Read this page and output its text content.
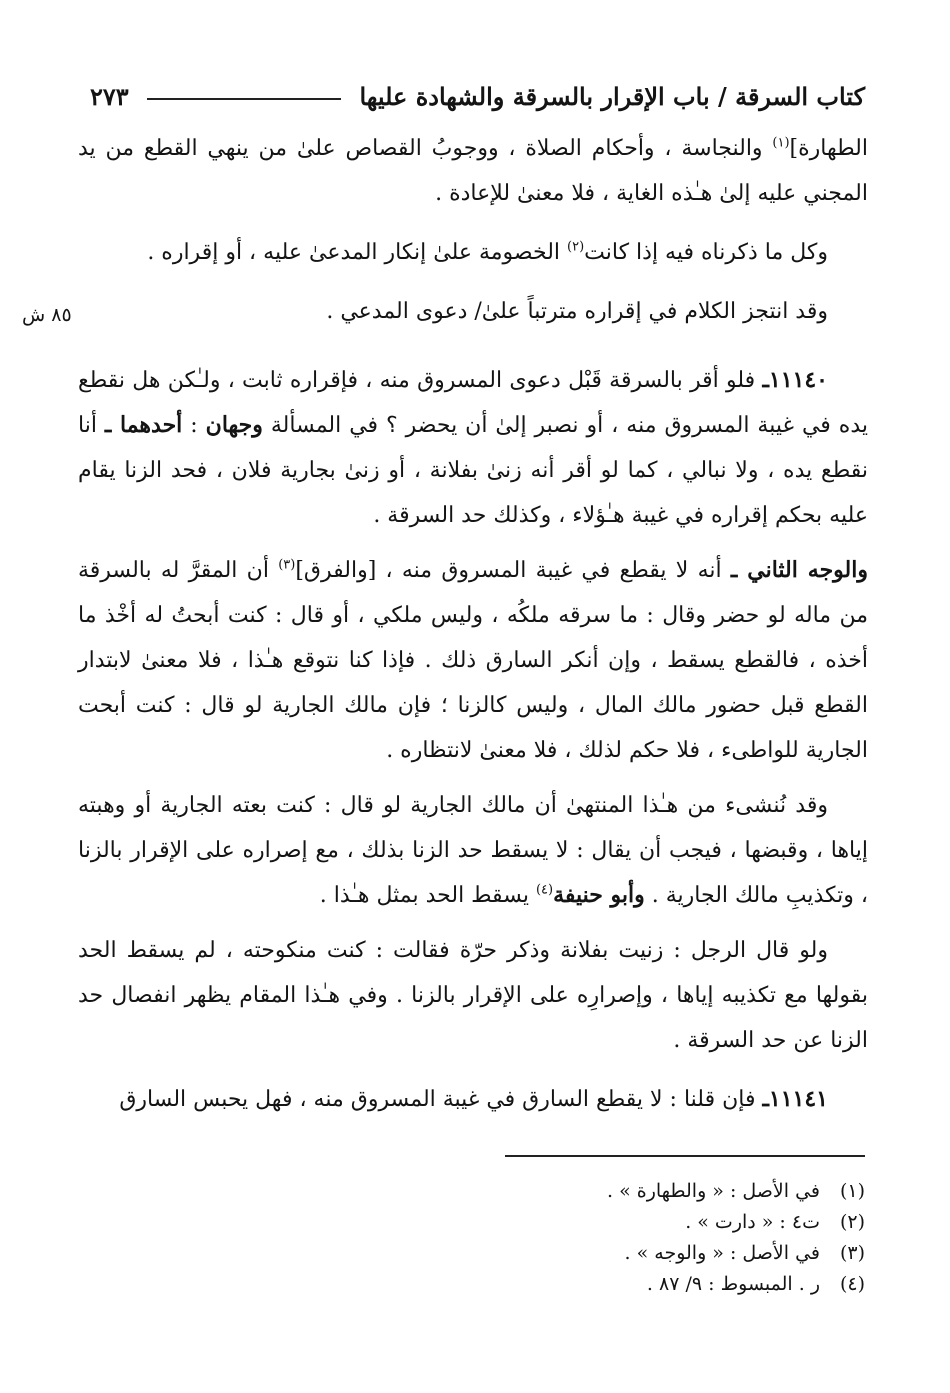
كتاب السرقة / باب الإقرار بالسرقة والشهادة عليها
٢٧٣
٨٥ ش

الطهارة]$^{(١)}$ والنجاسة ، وأحكام الصلاة ، ووجوبُ القصاص علىٰ من ينهي القطع من يد المجني عليه إلىٰ هـٰذه الغاية ، فلا معنىٰ للإعادة .

وكل ما ذكرناه فيه إذا كانت$^{(٢)}$ الخصومة علىٰ إنكار المدعىٰ عليه ، أو إقراره .

وقد انتجز الكلام في إقراره مترتباً علىٰ/ دعوى المدعي .

١١١٤٠ـ فلو أقر بالسرقة قَبْل دعوى المسروق منه ، فإقراره ثابت ، ولـٰكن هل نقطع يده في غيبة المسروق منه ، أو نصبر إلىٰ أن يحضر ؟ في المسألة وجهان : أحدهما ـ أنا نقطع يده ، ولا نبالي ، كما لو أقر أنه زنىٰ بفلانة ، أو زنىٰ بجارية فلان ، فحد الزنا يقام عليه بحكم إقراره في غيبة هـٰؤلاء ، وكذلك حد السرقة .

والوجه الثاني ـ أنه لا يقطع في غيبة المسروق منه ، [والفرق]$^{(٣)}$ أن المقرَّ له بالسرقة من ماله لو حضر وقال : ما سرقه ملكُه ، وليس ملكي ، أو قال : كنت أبحتُ له أخْذ ما أخذه ، فالقطع يسقط ، وإن أنكر السارق ذلك . فإذا كنا نتوقع هـٰذا ، فلا معنىٰ لابتدار القطع قبل حضور مالك المال ، وليس كالزنا ؛ فإن مالك الجارية لو قال : كنت أبحت الجارية للواطىء ، فلا حكم لذلك ، فلا معنىٰ لانتظاره .

وقد نُنشىء من هـٰذا المنتهىٰ أن مالك الجارية لو قال : كنت بعته الجارية أو وهبته إياها ، وقبضها ، فيجب أن يقال : لا يسقط حد الزنا بذلك ، مع إصراره على الإقرار بالزنا ، وتكذيبِ مالك الجارية . وأبو حنيفة$^{(٤)}$ يسقط الحد بمثل هـٰذا .

ولو قال الرجل : زنيت بفلانة وذكر حرّة فقالت : كنت منكوحته ، لم يسقط الحد بقولها مع تكذيبه إياها ، وإصرارِه على الإقرار بالزنا . وفي هـٰذا المقام يظهر انفصال حد الزنا عن حد السرقة .

١١١٤١ـ فإن قلنا : لا يقطع السارق في غيبة المسروق منه ، فهل يحبس السارق

(١)
في الأصل : « والطهارة » .
(٢)
ت٤ : « دارت » .
(٣)
في الأصل : « والوجه » .
(٤)
ر . المبسوط : ٩/ ٨٧ .
